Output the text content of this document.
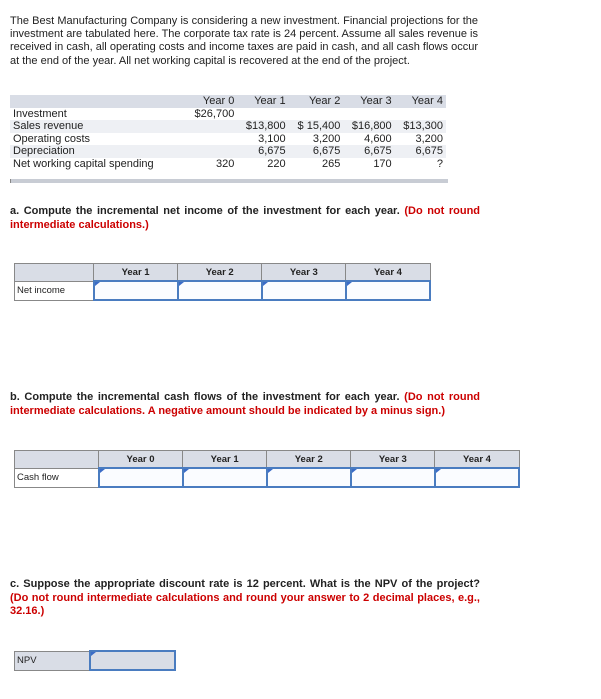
The Best Manufacturing Company is considering a new investment. Financial projections for the investment are tabulated here. The corporate tax rate is 24 percent. Assume all sales revenue is received in cash, all operating costs and income taxes are paid in cash, and all cash flows occur at the end of the year. All net working capital is recovered at the end of the project.
	Year 0	Year 1	Year 2	Year 3	Year 4
Investment	$26,700				
Sales revenue		$13,800	$ 15,400	$16,800	$13,300
Operating costs		3,100	3,200	4,600	3,200
Depreciation		6,675	6,675	6,675	6,675
Net working capital spending	320	220	265	170	?
a. Compute the incremental net income of the investment for each year. (Do not round intermediate calculations.)
	Year 1	Year 2	Year 3	Year 4
Net income				
b. Compute the incremental cash flows of the investment for each year. (Do not round intermediate calculations. A negative amount should be indicated by a minus sign.)
	Year 0	Year 1	Year 2	Year 3	Year 4
Cash flow					
c. Suppose the appropriate discount rate is 12 percent. What is the NPV of the project? (Do not round intermediate calculations and round your answer to 2 decimal places, e.g., 32.16.)
NPV	
